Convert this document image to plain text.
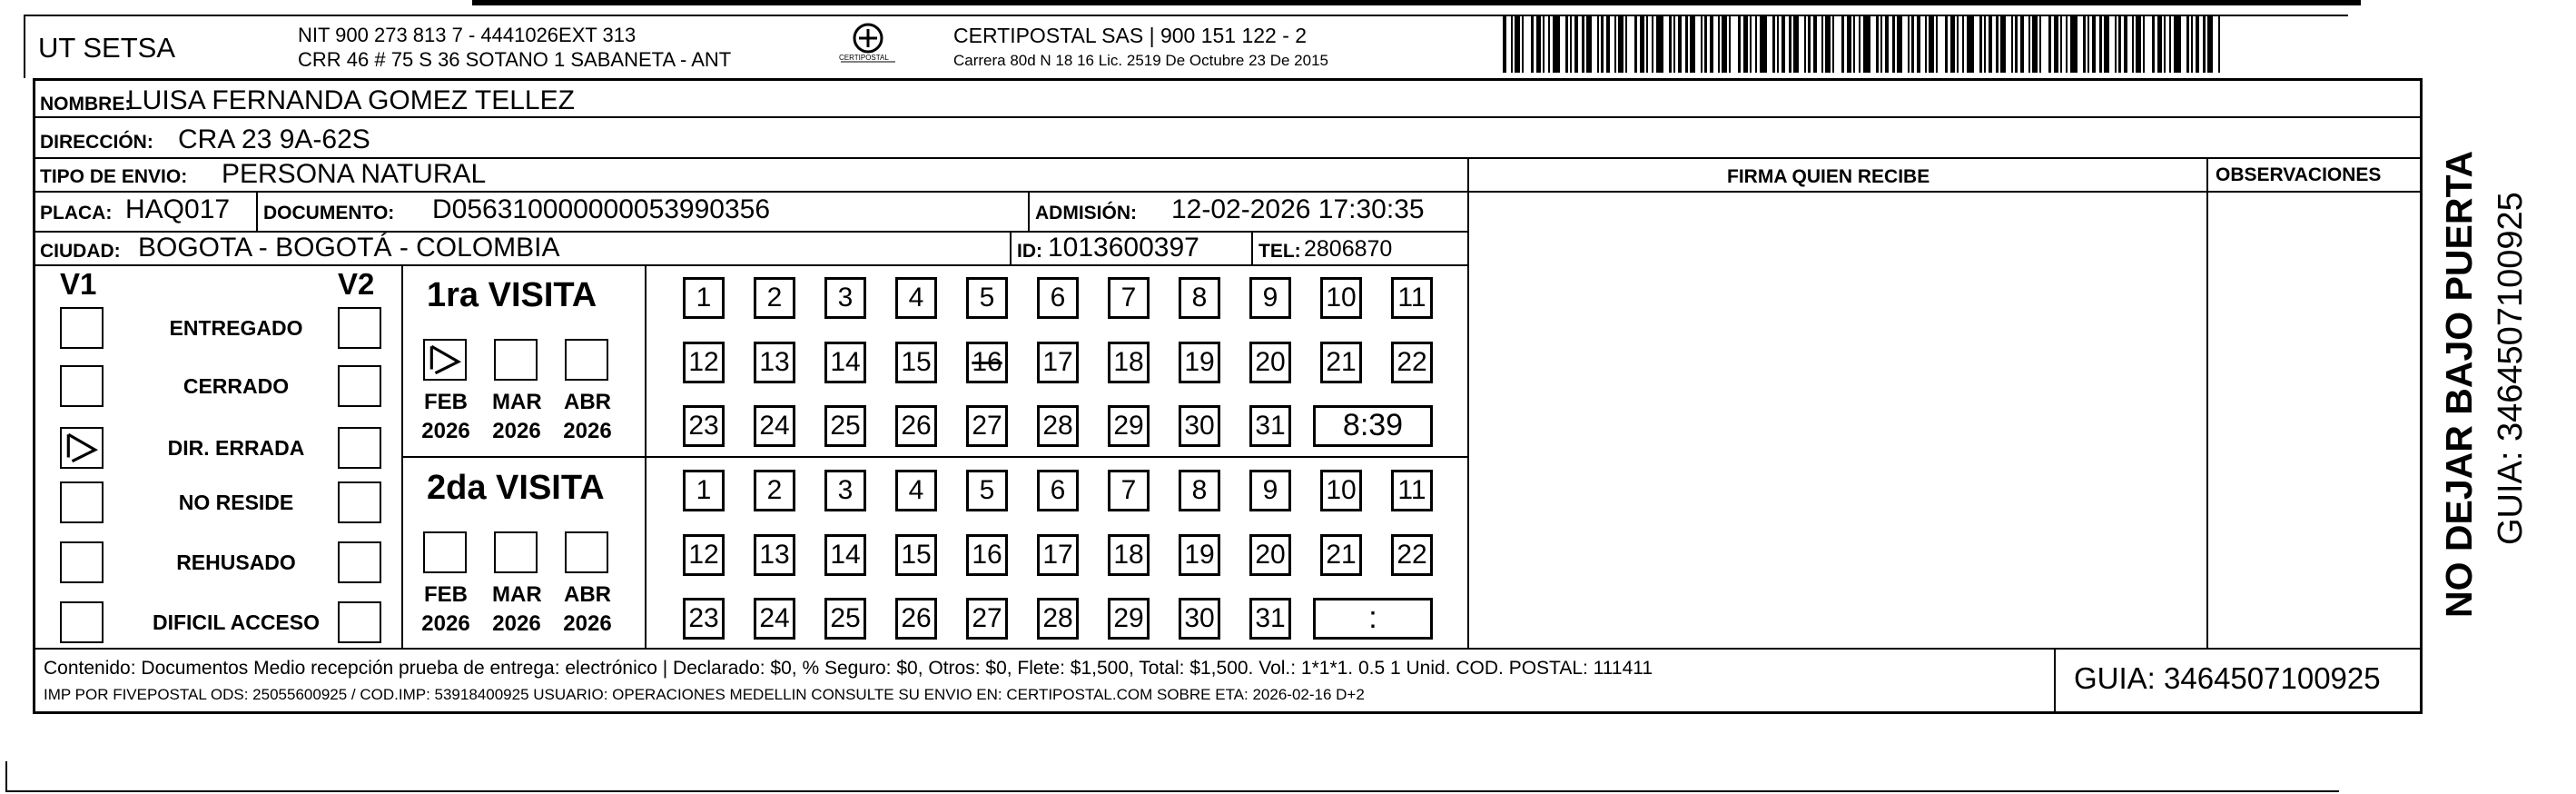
UT SETSA	NIT 900 273 813 7 - 4441026EXT 313
CRR 46 # 75 S 36 SOTANO 1 SABANETA - ANT	CERTIPOSTAL
CERTIPOSTAL SAS | 900 151 122 - 2
Carrera 80d N 18 16 Lic. 2519 De Octubre 23 De 2015
NOMBRE:
LUISA FERNANDA GOMEZ TELLEZ
DIRECCIÓN: CRA 23 9A-62S
TIPO DE ENVIO: PERSONA NATURAL
PLACA: HAQ017 DOCUMENTO: D056310000000053990356	ADMISIÓN: 12-02-2026 17:30:35
CIUDAD: BOGOTA - BOGOTÁ - COLOMBIA	ID: 1013600397	TEL: 2806870
FIRMA QUIEN RECIBE	OBSERVACIONES
V1	V2
ENTREGADO
CERRADO
DIR. ERRADA
NO RESIDE
REHUSADO
DIFICIL ACCESO
1ra VISITA
FEB
2026
MAR
2026
ABR
2026
1	2	3	4	5	6	7	8	9	10 11
12 13 14 15 16 17 18 19 20 21 22
23 24 25 26 27 28 29 30 31	8:39
2da VISITA
FEB
2026
MAR
2026
ABR
2026
1	2	3	4	5	6	7	8	9	10 11
12 13 14 15 16 17 18 19 20 21 22
23 24 25 26 27 28 29 30 31	:
Contenido: Documentos Medio recepción prueba de entrega: electrónico | Declarado: $0, % Seguro: $0, Otros: $0, Flete: $1,500, Total: $1,500. Vol.: 1*1*1. 0.5 1 Unid. COD. POSTAL: 111411
IMP POR FIVEPOSTAL ODS: 25055600925 / COD.IMP: 53918400925 USUARIO: OPERACIONES MEDELLIN CONSULTE SU ENVIO EN: CERTIPOSTAL.COM SOBRE ETA: 2026-02-16 D+2	GUIA: 3464507100925
NO DEJAR BAJO PUERTA GUIA: 3464507100925
